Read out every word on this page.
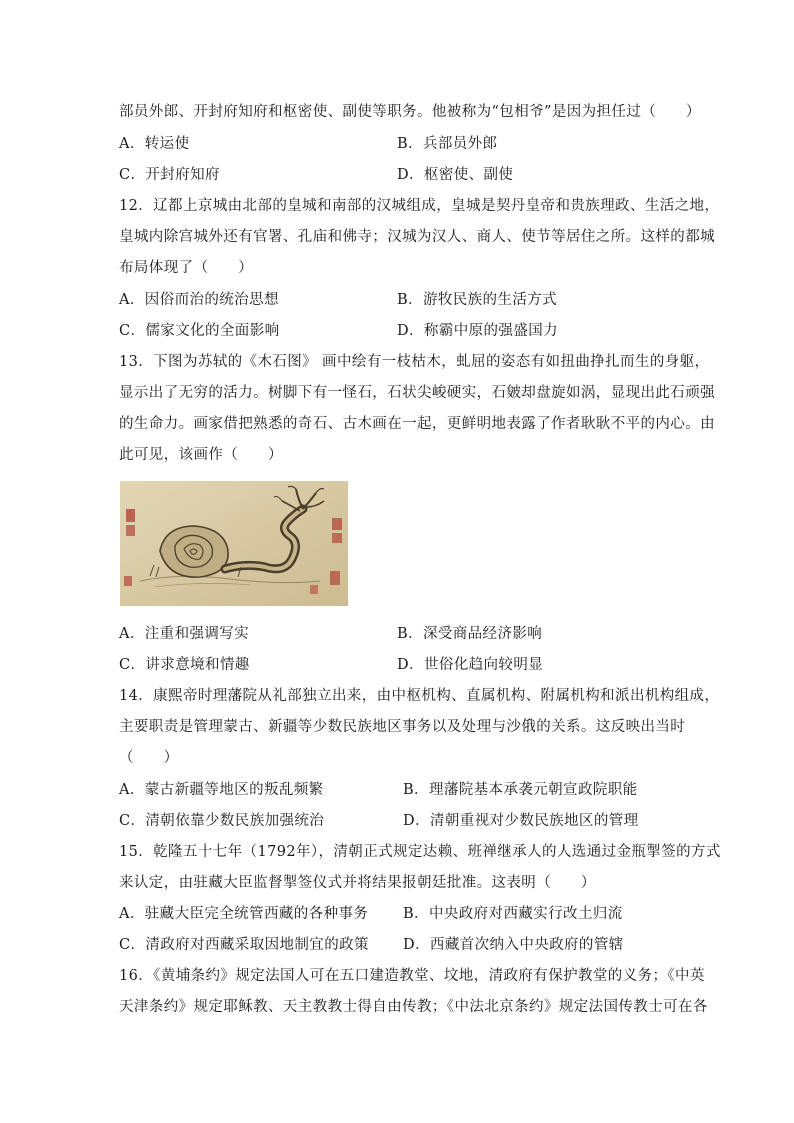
部员外郎、开封府知府和枢密使、副使等职务。他被称为“包相爷”是因为担任过（　　）
A．转运使	B．兵部员外郎
C．开封府知府	D．枢密使、副使
12．辽都上京城由北部的皇城和南部的汉城组成，皇城是契丹皇帝和贵族理政、生活之地，
皇城内除宫城外还有官署、孔庙和佛寺；汉城为汉人、商人、使节等居住之所。这样的都城
布局体现了（　　）
A．因俗而治的统治思想	B．游牧民族的生活方式
C．儒家文化的全面影响	D．称霸中原的强盛国力
13．下图为苏轼的《木石图》 画中绘有一枝枯木，虬屈的姿态有如扭曲挣扎而生的身躯，
显示出了无穷的活力。树脚下有一怪石，石状尖峻硬实，石皴却盘旋如涡，显现出此石顽强
的生命力。画家借把熟悉的奇石、古木画在一起，更鲜明地表露了作者耿耿不平的内心。由
此可见，该画作（　　）
A．注重和强调写实	B．深受商品经济影响
C．讲求意境和情趣	D．世俗化趋向较明显
14．康熙帝时理藩院从礼部独立出来，由中枢机构、直属机构、附属机构和派出机构组成，
主要职责是管理蒙古、新疆等少数民族地区事务以及处理与沙俄的关系。这反映出当时
（　　）
A．蒙古新疆等地区的叛乱频繁	B．理藩院基本承袭元朝宣政院职能
C．清朝依靠少数民族加强统治	D．清朝重视对少数民族地区的管理
15．乾隆五十七年（1792年），清朝正式规定达赖、班禅继承人的人选通过金瓶掣签的方式
来认定，由驻藏大臣监督掣签仪式并将结果报朝廷批准。这表明（　　）
A．驻藏大臣完全统管西藏的各种事务 B．中央政府对西藏实行改土归流
C．清政府对西藏采取因地制宜的政策 D．西藏首次纳入中央政府的管辖
16．《黄埔条约》规定法国人可在五口建造教堂、坟地，清政府有保护教堂的义务；《中英
天津条约》规定耶稣教、天主教教士得自由传教；《中法北京条约》规定法国传教士可在各
